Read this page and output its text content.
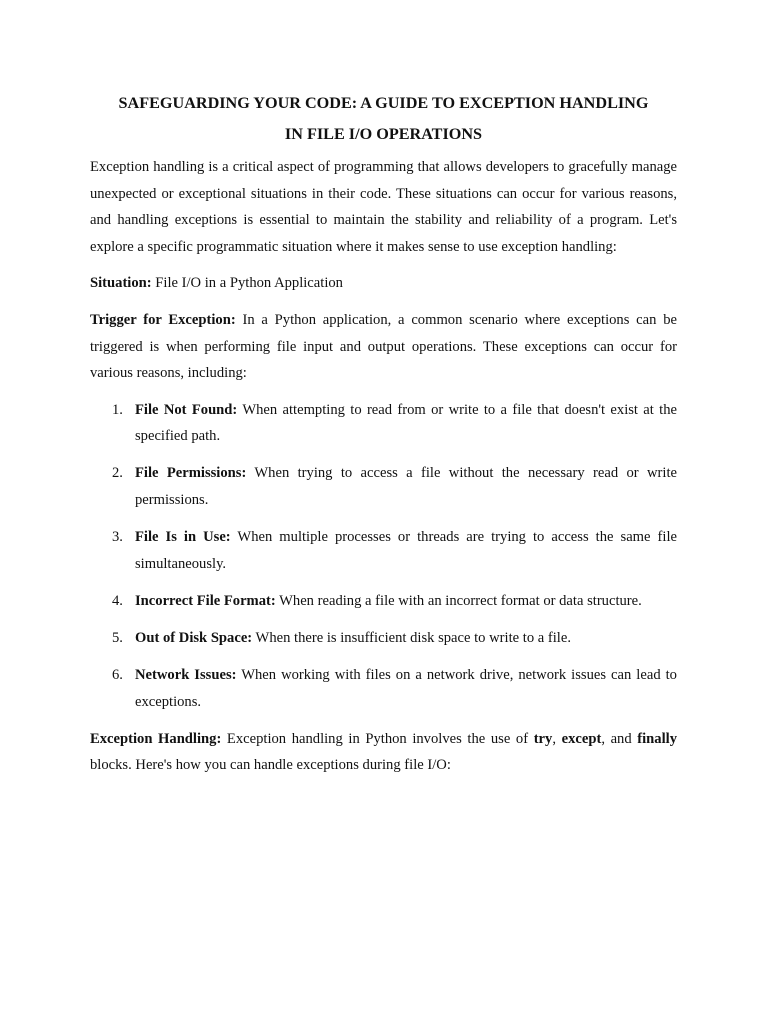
SAFEGUARDING YOUR CODE: A GUIDE TO EXCEPTION HANDLING
IN FILE I/O OPERATIONS

Exception handling is a critical aspect of programming that allows developers to gracefully manage unexpected or exceptional situations in their code. These situations can occur for various reasons, and handling exceptions is essential to maintain the stability and reliability of a program. Let's explore a specific programmatic situation where it makes sense to use exception handling:

Situation: File I/O in a Python Application

Trigger for Exception: In a Python application, a common scenario where exceptions can be triggered is when performing file input and output operations. These exceptions can occur for various reasons, including:

1. File Not Found: When attempting to read from or write to a file that doesn't exist at the specified path.
2. File Permissions: When trying to access a file without the necessary read or write permissions.
3. File Is in Use: When multiple processes or threads are trying to access the same file simultaneously.
4. Incorrect File Format: When reading a file with an incorrect format or data structure.
5. Out of Disk Space: When there is insufficient disk space to write to a file.
6. Network Issues: When working with files on a network drive, network issues can lead to exceptions.

Exception Handling: Exception handling in Python involves the use of try, except, and finally blocks. Here's how you can handle exceptions during file I/O:
